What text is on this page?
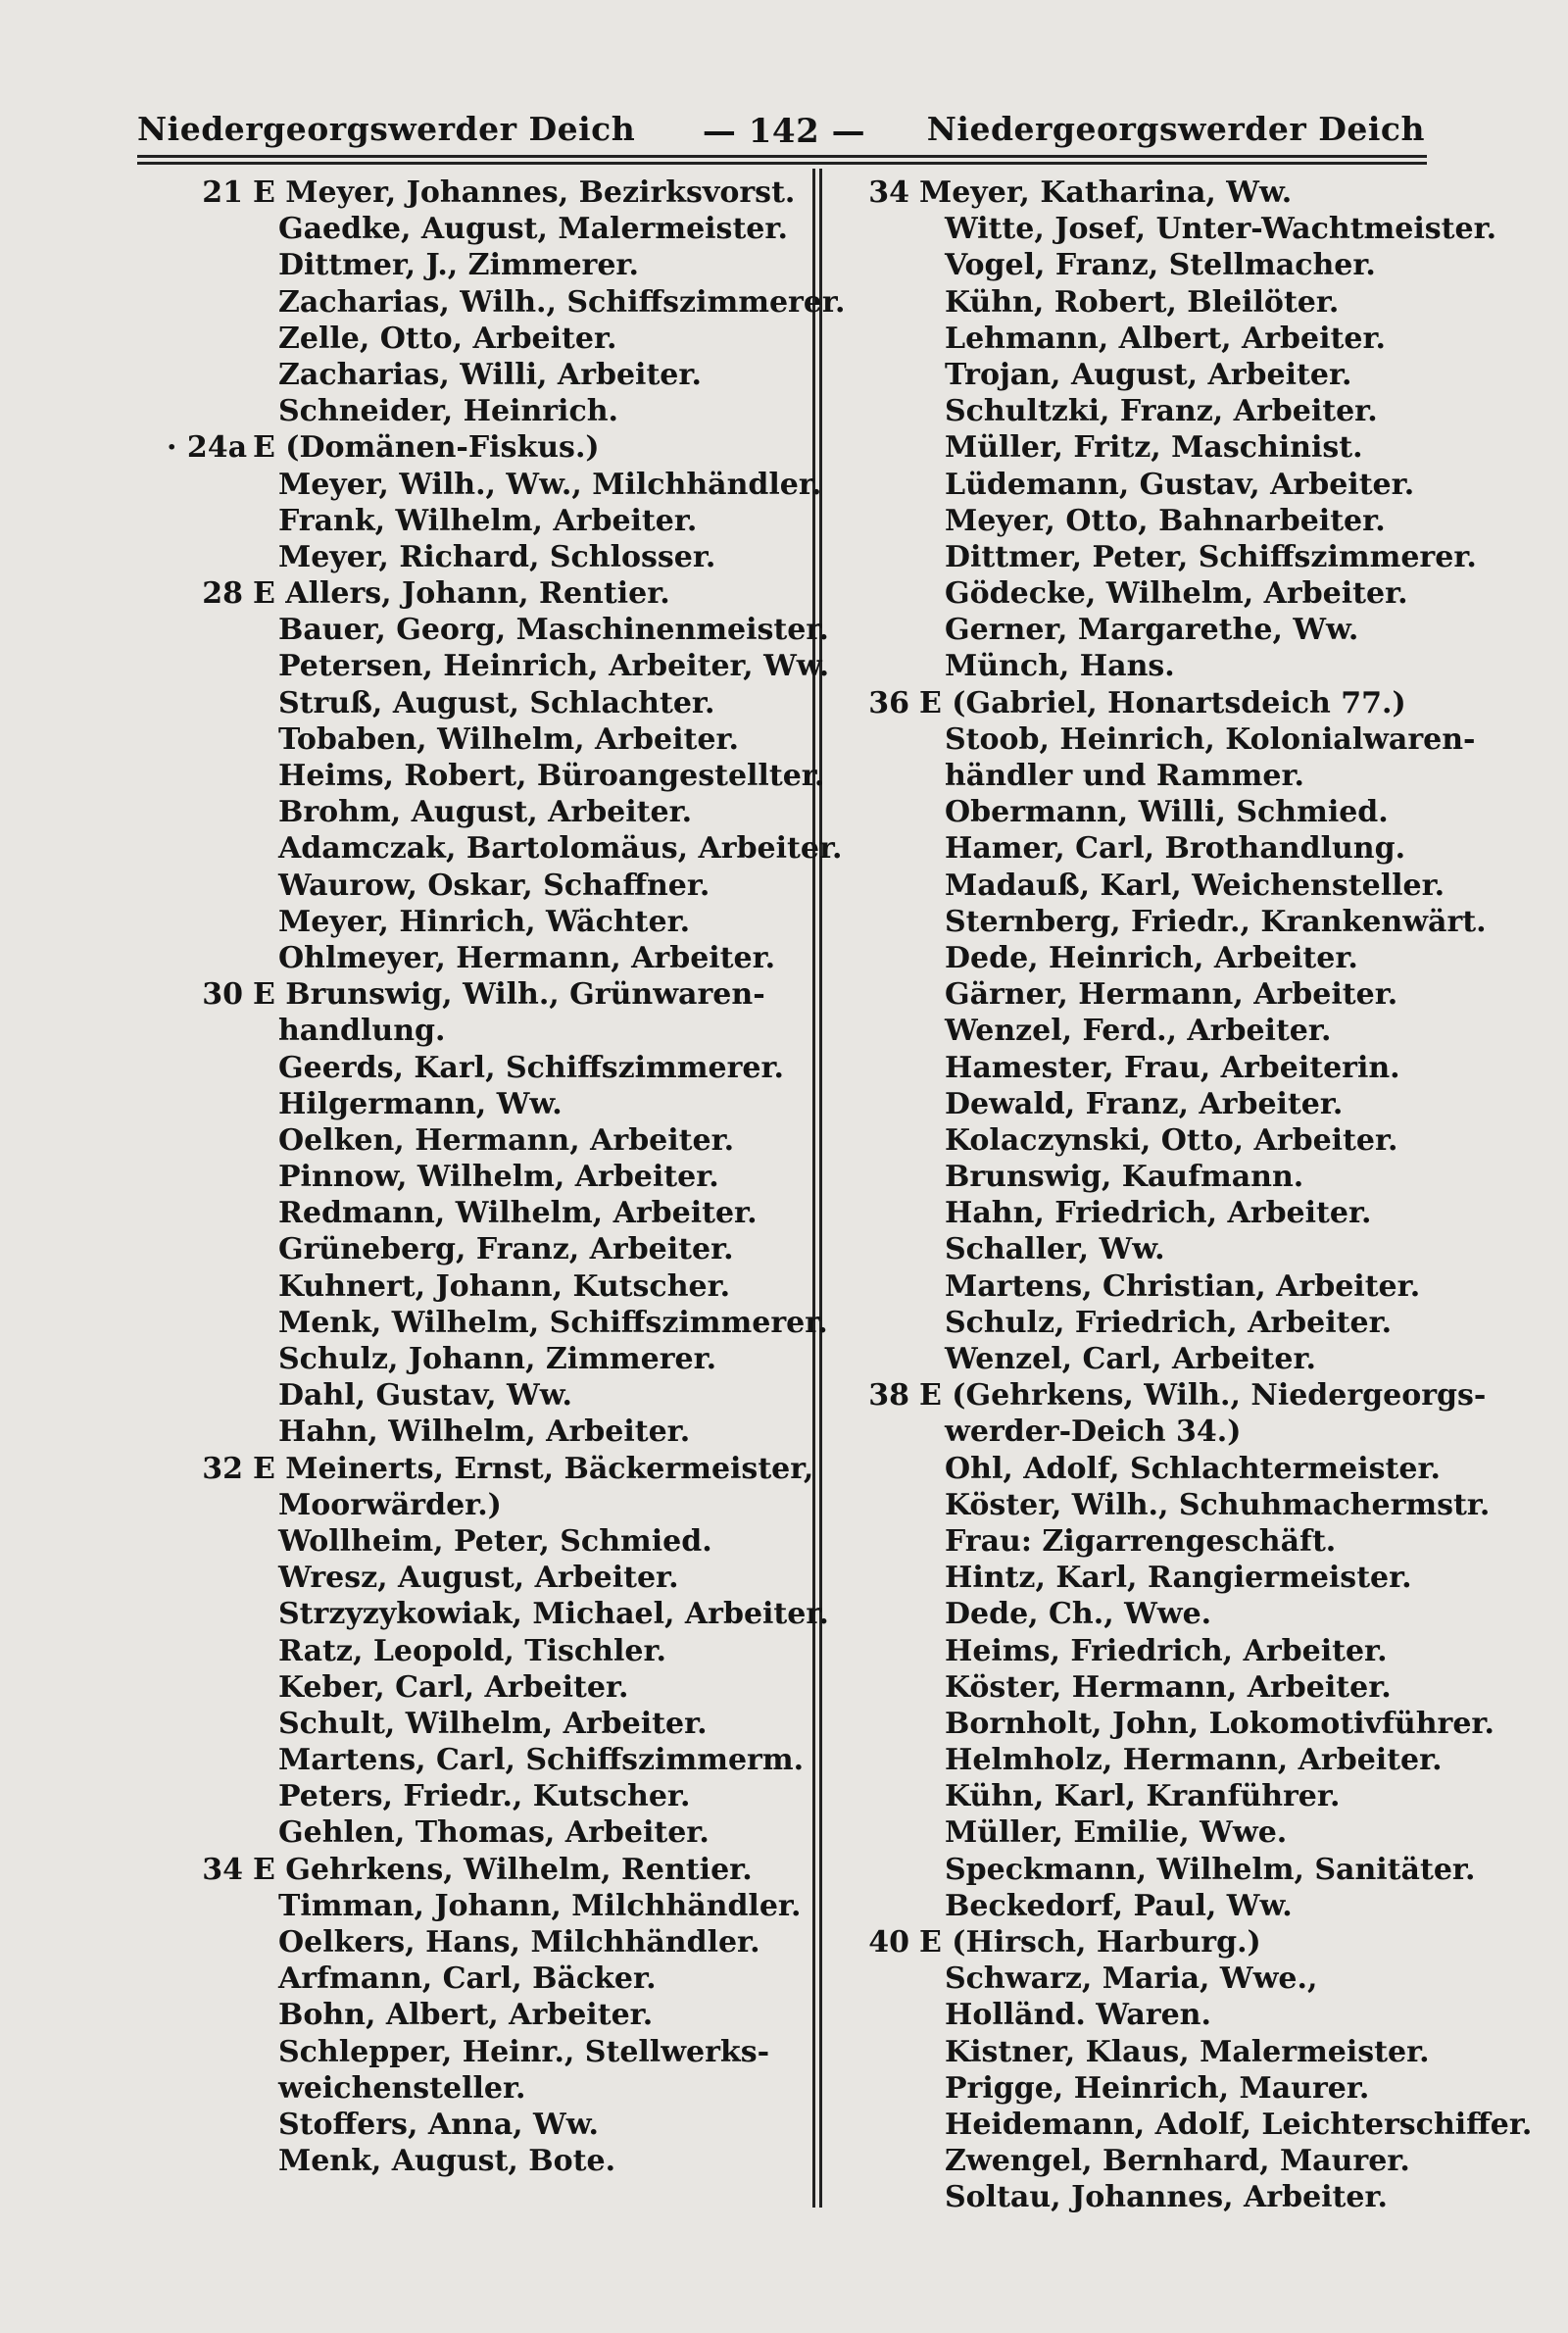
Niedergeorgswerder Deich	— 142 —	Niedergeorgswerder Deich
21 E Meyer, Johannes, Bezirksvorst.
Gaedke, August, Malermeister.
Dittmer, J., Zimmerer.
Zacharias, Wilh., Schiffszimmerer.
Zelle, Otto, Arbeiter.
Zacharias, Willi, Arbeiter.
Schneider, Heinrich.
· 24a E (Domänen-Fiskus.)
Meyer, Wilh., Ww., Milchhändler.
Frank, Wilhelm, Arbeiter.
Meyer, Richard, Schlosser.
28 E Allers, Johann, Rentier.
Bauer, Georg, Maschinenmeister.
Petersen, Heinrich, Arbeiter, Ww.
Struß, August, Schlachter.
Tobaben, Wilhelm, Arbeiter.
Heims, Robert, Büroangestellter.
Brohm, August, Arbeiter.
Adamczak, Bartolomäus, Arbeiter.
Waurow, Oskar, Schaffner.
Meyer, Hinrich, Wächter.
Ohlmeyer, Hermann, Arbeiter.
30 E Brunswig, Wilh., Grünwaren-
handlung.
Geerds, Karl, Schiffszimmerer.
Hilgermann, Ww.
Oelken, Hermann, Arbeiter.
Pinnow, Wilhelm, Arbeiter.
Redmann, Wilhelm, Arbeiter.
Grüneberg, Franz, Arbeiter.
Kuhnert, Johann, Kutscher.
Menk, Wilhelm, Schiffszimmerer.
Schulz, Johann, Zimmerer.
Dahl, Gustav, Ww.
Hahn, Wilhelm, Arbeiter.
32 E Meinerts, Ernst, Bäckermeister,
Moorwärder.)
Wollheim, Peter, Schmied.
Wresz, August, Arbeiter.
Strzyzykowiak, Michael, Arbeiter.
Ratz, Leopold, Tischler.
Keber, Carl, Arbeiter.
Schult, Wilhelm, Arbeiter.
Martens, Carl, Schiffszimmerm.
Peters, Friedr., Kutscher.
Gehlen, Thomas, Arbeiter.
34 E Gehrkens, Wilhelm, Rentier.
Timman, Johann, Milchhändler.
Oelkers, Hans, Milchhändler.
Arfmann, Carl, Bäcker.
Bohn, Albert, Arbeiter.
Schlepper, Heinr., Stellwerks-
weichensteller.
Stoffers, Anna, Ww.
Menk, August, Bote.
34 Meyer, Katharina, Ww.
Witte, Josef, Unter-Wachtmeister.
Vogel, Franz, Stellmacher.
Kühn, Robert, Bleilöter.
Lehmann, Albert, Arbeiter.
Trojan, August, Arbeiter.
Schultzki, Franz, Arbeiter.
Müller, Fritz, Maschinist.
Lüdemann, Gustav, Arbeiter.
Meyer, Otto, Bahnarbeiter.
Dittmer, Peter, Schiffszimmerer.
Gödecke, Wilhelm, Arbeiter.
Gerner, Margarethe, Ww.
Münch, Hans.
36 E (Gabriel, Honartsdeich 77.)
Stoob, Heinrich, Kolonialwaren-
händler und Rammer.
Obermann, Willi, Schmied.
Hamer, Carl, Brothandlung.
Madauß, Karl, Weichensteller.
Sternberg, Friedr., Krankenwärt.
Dede, Heinrich, Arbeiter.
Gärner, Hermann, Arbeiter.
Wenzel, Ferd., Arbeiter.
Hamester, Frau, Arbeiterin.
Dewald, Franz, Arbeiter.
Kolaczynski, Otto, Arbeiter.
Brunswig, Kaufmann.
Hahn, Friedrich, Arbeiter.
Schaller, Ww.
Martens, Christian, Arbeiter.
Schulz, Friedrich, Arbeiter.
Wenzel, Carl, Arbeiter.
38 E (Gehrkens, Wilh., Niedergeorgs-
werder-Deich 34.)
Ohl, Adolf, Schlachtermeister.
Köster, Wilh., Schuhmachermstr.
Frau: Zigarrengeschäft.
Hintz, Karl, Rangiermeister.
Dede, Ch., Wwe.
Heims, Friedrich, Arbeiter.
Köster, Hermann, Arbeiter.
Bornholt, John, Lokomotivführer.
Helmholz, Hermann, Arbeiter.
Kühn, Karl, Kranführer.
Müller, Emilie, Wwe.
Speckmann, Wilhelm, Sanitäter.
Beckedorf, Paul, Ww.
40 E (Hirsch, Harburg.)
Schwarz, Maria, Wwe.,
Holländ. Waren.
Kistner, Klaus, Malermeister.
Prigge, Heinrich, Maurer.
Heidemann, Adolf, Leichterschiffer.
Zwengel, Bernhard, Maurer.
Soltau, Johannes, Arbeiter.
